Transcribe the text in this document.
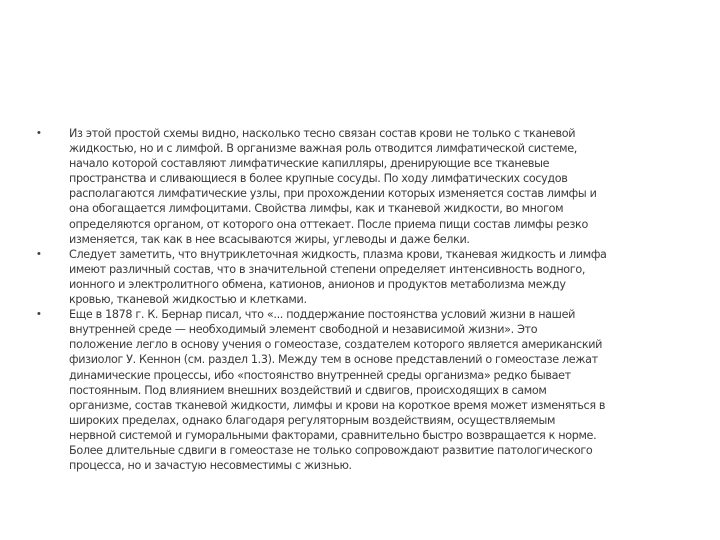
•	Из этой простой схемы видно, насколько тесно связан состав крови не только с тканевой
жидкостью, но и с лимфой. В организме важная роль отводится лимфатической системе,
начало которой составляют лимфатические капилляры, дренирующие все тканевые
пространства и сливающиеся в более крупные сосуды. По ходу лимфатических сосудов
располагаются лимфатические узлы, при прохождении которых изменяется состав лимфы и
она обогащается лимфоцитами. Свойства лимфы, как и тканевой жидкости, во многом
определяются органом, от которого она оттекает. После приема пищи состав лимфы резко
изменяется, так как в нее всасываются жиры, углеводы и даже белки.

•	Следует заметить, что внутриклеточная жидкость, плазма крови, тканевая жидкость и лимфа
имеют различный состав, что в значительной степени определяет интенсивность водного,
ионного и электролитного обмена, катионов, анионов и продуктов метаболизма между
кровью, тканевой жидкостью и клетками.

•	Еще в 1878 г. К. Бернар писал, что «... поддержание постоянства условий жизни в нашей
внутренней среде — необходимый элемент свободной и независимой жизни». Это
положение легло в основу учения о гомеостазе, создателем которого является американский
физиолог У. Кеннон (см. раздел 1.3). Между тем в основе представлений о гомеостазе лежат
динамические процессы, ибо «постоянство внутренней среды организма» редко бывает
постоянным. Под влиянием внешних воздействий и сдвигов, происходящих в самом
организме, состав тканевой жидкости, лимфы и крови на короткое время может изменяться в
широких пределах, однако благодаря регуляторным воздействиям, осуществляемым
нервной системой и гуморальными факторами, сравнительно быстро возвращается к норме.
Более длительные сдвиги в гомеостазе не только сопровождают развитие патологического
процесса, но и зачастую несовместимы с жизнью.
